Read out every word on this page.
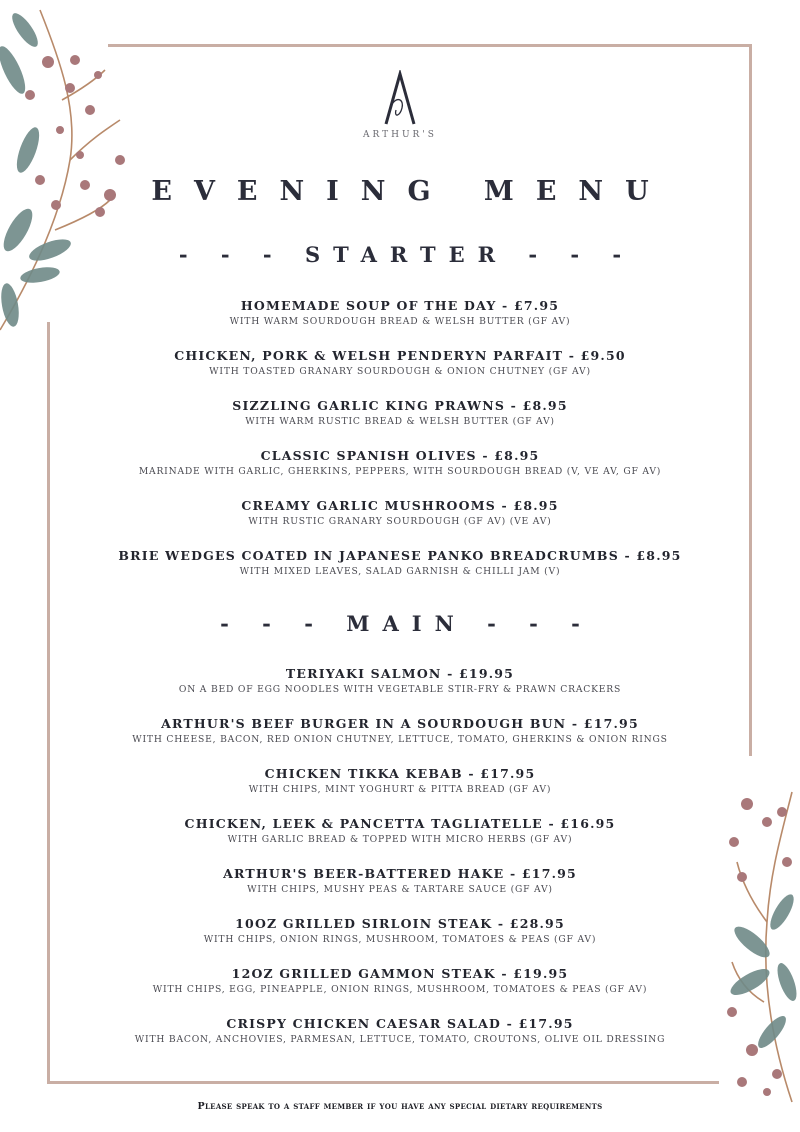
ARTHUR'S
EVENING MENU
- - - STARTER - - -
HOMEMADE SOUP OF THE DAY - £7.95
WITH WARM SOURDOUGH BREAD & WELSH BUTTER (GF AV)
CHICKEN, PORK & WELSH PENDERYN PARFAIT - £9.50
WITH TOASTED GRANARY SOURDOUGH & ONION CHUTNEY (GF AV)
SIZZLING GARLIC KING PRAWNS - £8.95
WITH WARM RUSTIC BREAD & WELSH BUTTER (GF AV)
CLASSIC SPANISH OLIVES - £8.95
MARINADE WITH GARLIC, GHERKINS, PEPPERS, WITH SOURDOUGH BREAD (V, VE AV, GF AV)
CREAMY GARLIC MUSHROOMS - £8.95
WITH RUSTIC GRANARY SOURDOUGH (GF AV) (VE AV)
BRIE WEDGES COATED IN JAPANESE PANKO BREADCRUMBS - £8.95
WITH MIXED LEAVES, SALAD GARNISH & CHILLI JAM (V)
- - - MAIN - - -
TERIYAKI SALMON - £19.95
ON A BED OF EGG NOODLES WITH VEGETABLE STIR-FRY & PRAWN CRACKERS
ARTHUR'S BEEF BURGER IN A SOURDOUGH BUN - £17.95
WITH CHEESE, BACON, RED ONION CHUTNEY, LETTUCE, TOMATO, GHERKINS & ONION RINGS
CHICKEN TIKKA KEBAB - £17.95
WITH CHIPS, MINT YOGHURT & PITTA BREAD (GF AV)
CHICKEN, LEEK & PANCETTA TAGLIATELLE - £16.95
WITH GARLIC BREAD & TOPPED WITH MICRO HERBS (GF AV)
ARTHUR'S BEER-BATTERED HAKE - £17.95
WITH CHIPS, MUSHY PEAS & TARTARE SAUCE (GF AV)
10OZ GRILLED SIRLOIN STEAK - £28.95
WITH CHIPS, ONION RINGS, MUSHROOM, TOMATOES & PEAS (GF AV)
12OZ GRILLED GAMMON STEAK - £19.95
WITH CHIPS, EGG, PINEAPPLE, ONION RINGS, MUSHROOM, TOMATOES & PEAS (GF AV)
CRISPY CHICKEN CAESAR SALAD - £17.95
WITH BACON, ANCHOVIES, PARMESAN, LETTUCE, TOMATO, CROUTONS, OLIVE OIL DRESSING
Please speak to a staff member if you have any special dietary requirements
